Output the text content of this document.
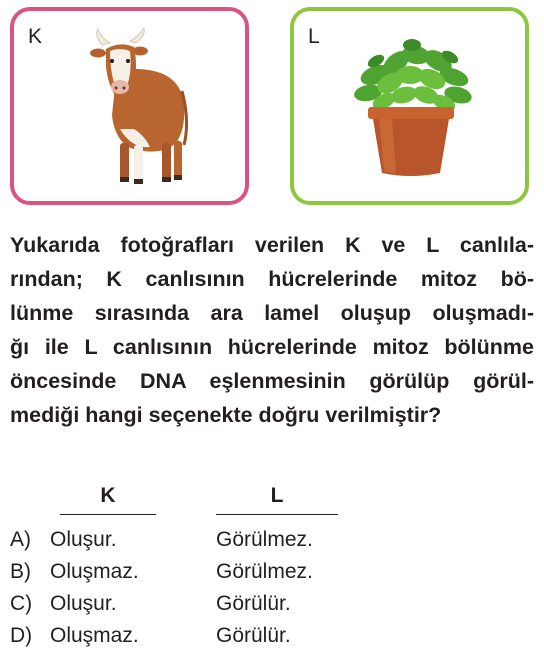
K	L
Yukarıda fotoğrafları verilen K ve L canlıla-
rından; K canlısının hücrelerinde mitoz bö-
lünme sırasında ara lamel oluşup oluşmadı-
ğı ile L canlısının hücrelerinde mitoz bölünme
öncesinde DNA eşlenmesinin görülüp görül-
mediği hangi seçenekte doğru verilmiştir?
K	L
A) Oluşur.	Görülmez.
B) Oluşmaz.	Görülmez.
C) Oluşur.	Görülür.
D) Oluşmaz.	Görülür.
